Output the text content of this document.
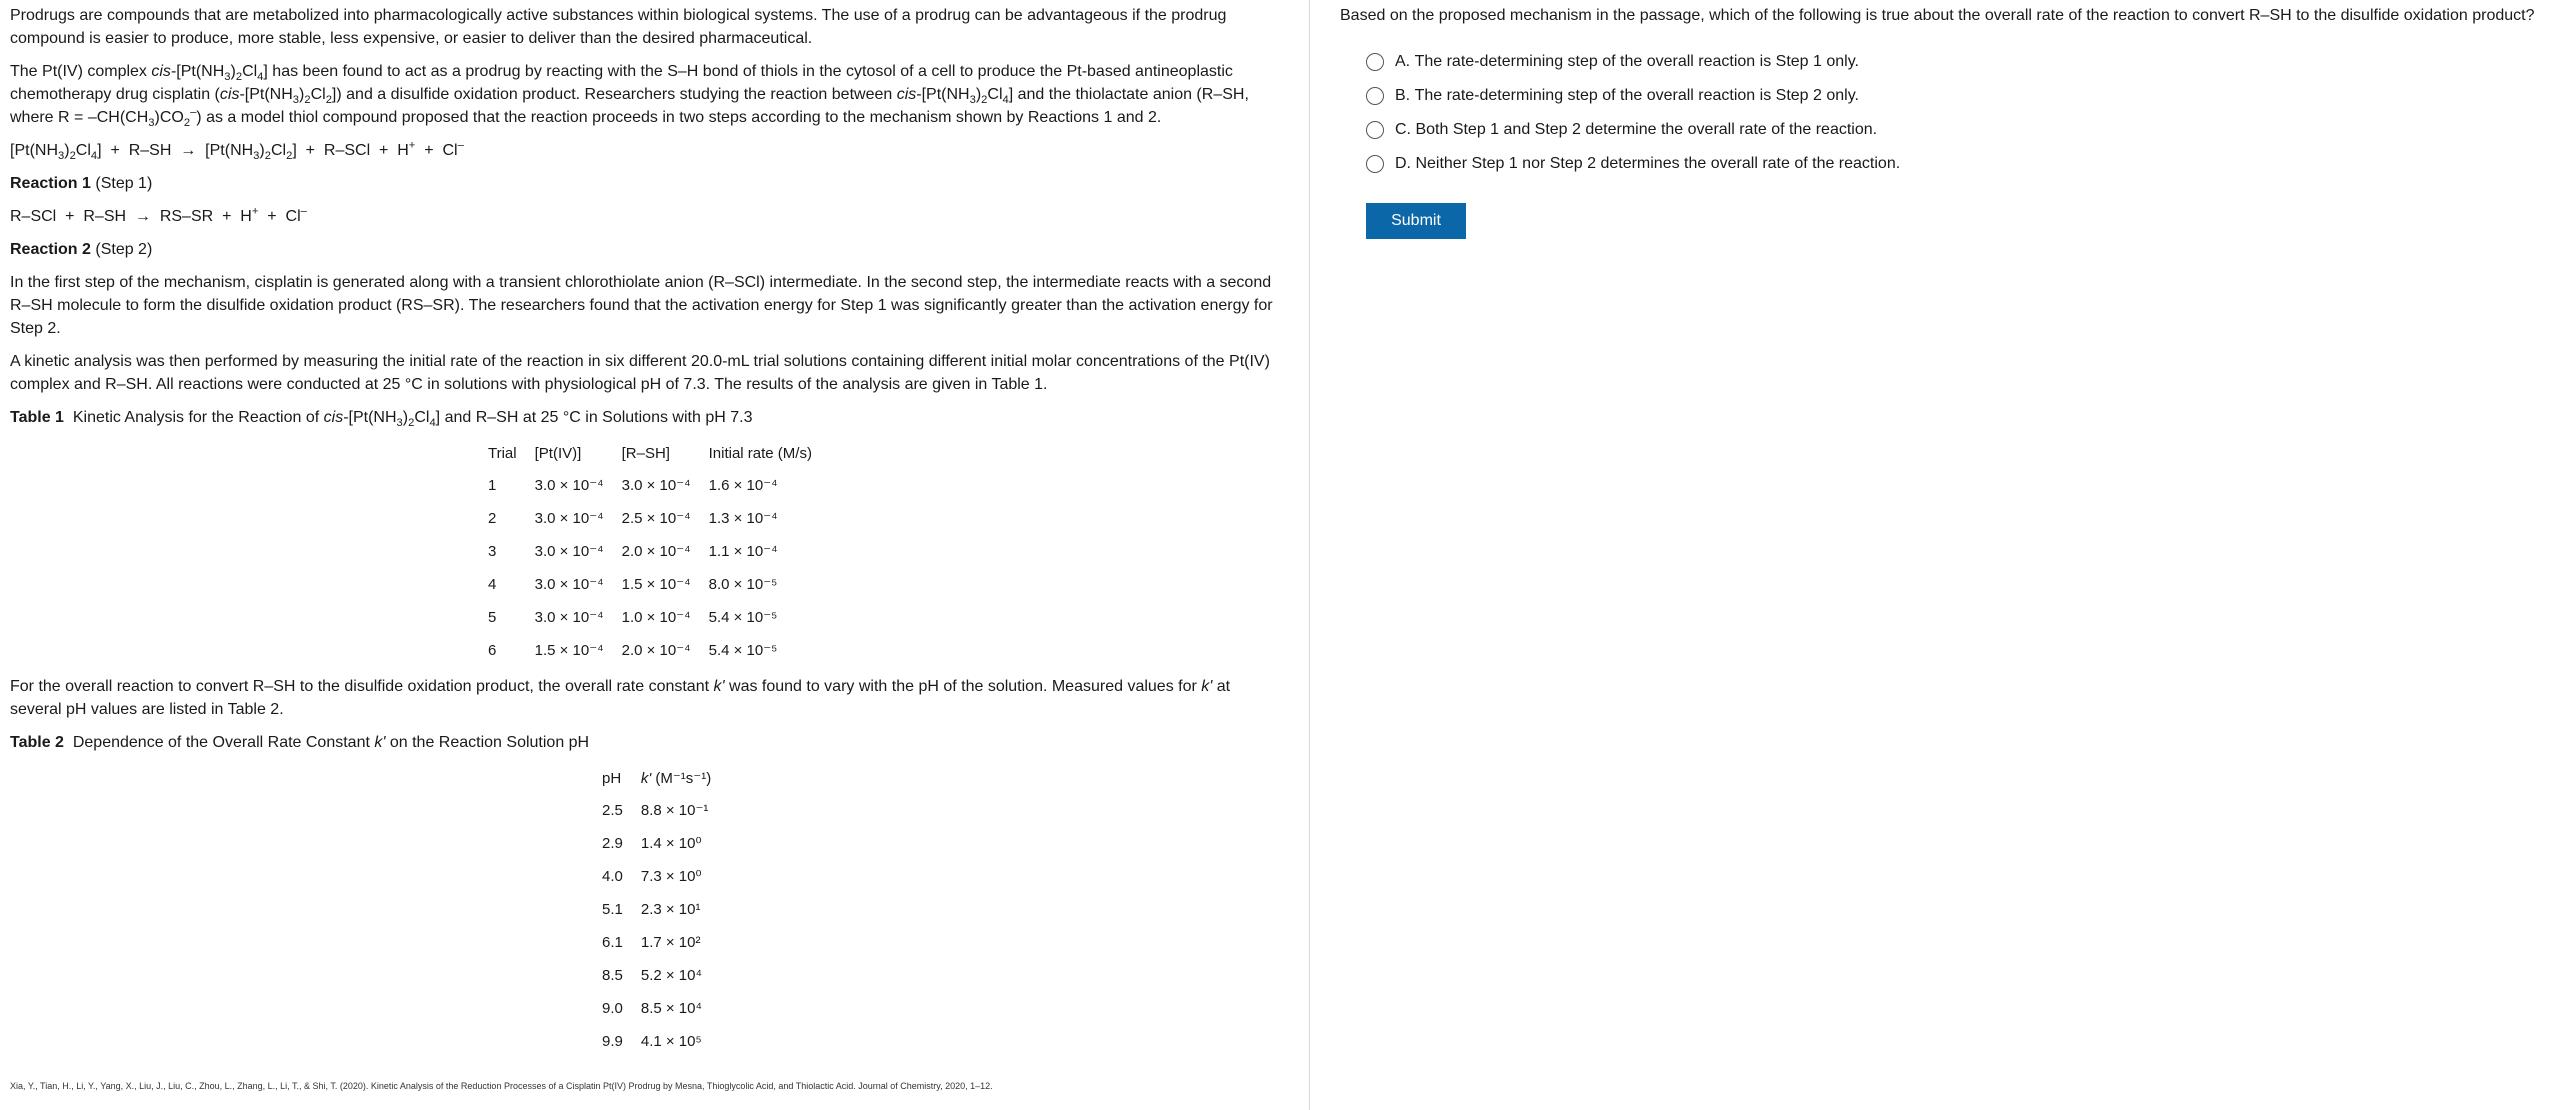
Prodrugs are compounds that are metabolized into pharmacologically active substances within biological systems. The use of a prodrug can be advantageous if the prodrug compound is easier to produce, more stable, less expensive, or easier to deliver than the desired pharmaceutical.

The Pt(IV) complex cis-$[Pt(NH_3)_2Cl_4]$ has been found to act as a prodrug by reacting with the S–H bond of thiols in the cytosol of a cell to produce the Pt-based antineoplastic chemotherapy drug cisplatin $(cis-[Pt(NH_3)_2Cl_2])$ and a disulfide oxidation product. Researchers studying the reaction between cis-$[Pt(NH_3)_2Cl_4]$ and the thiolactate anion (R–SH, where $R = -CH(CH_3)CO_2^-$) as a model thiol compound proposed that the reaction proceeds in two steps according to the mechanism shown by Reactions 1 and 2.

$[Pt(NH_3)_2Cl_4] + R-SH \to [Pt(NH_3)_2Cl_2] + R-SCl + H^+ + Cl^-$
Reaction 1 (Step 1)
R–SCl  +  R–SH  →  RS–SR  +  H+  +  Cl–
Reaction 2 (Step 2)

In the first step of the mechanism, cisplatin is generated along with a transient chlorothiolate anion (R–SCl) intermediate. In the second step, the intermediate reacts with a second R–SH molecule to form the disulfide oxidation product (RS–SR). The researchers found that the activation energy for Step 1 was significantly greater than the activation energy for Step 2.

A kinetic analysis was then performed by measuring the initial rate of the reaction in six different 20.0-mL trial solutions containing different initial molar concentrations of the Pt(IV) complex and R–SH. All reactions were conducted at 25 °C in solutions with physiological pH of 7.3. The results of the analysis are given in Table 1.

Table 1  Kinetic Analysis for the Reaction of cis-$[Pt(NH_3)_2Cl_4]$ and R–SH at 25 °C in Solutions with pH 7.3
Trial	[Pt(IV)]	[R–SH]	Initial rate (M/s)
1	3.0 × 10⁻⁴	3.0 × 10⁻⁴	1.6 × 10⁻⁴
2	3.0 × 10⁻⁴	2.5 × 10⁻⁴	1.3 × 10⁻⁴
3	3.0 × 10⁻⁴	2.0 × 10⁻⁴	1.1 × 10⁻⁴
4	3.0 × 10⁻⁴	1.5 × 10⁻⁴	8.0 × 10⁻⁵
5	3.0 × 10⁻⁴	1.0 × 10⁻⁴	5.4 × 10⁻⁵
6	1.5 × 10⁻⁴	2.0 × 10⁻⁴	5.4 × 10⁻⁵

For the overall reaction to convert R–SH to the disulfide oxidation product, the overall rate constant k' was found to vary with the pH of the solution. Measured values for k' at several pH values are listed in Table 2.

Table 2  Dependence of the Overall Rate Constant k' on the Reaction Solution pH
pH	k' (M⁻¹s⁻¹)
2.5	8.8 × 10⁻¹
2.9	1.4 × 10⁰
4.0	7.3 × 10⁰
5.1	2.3 × 10¹
6.1	1.7 × 10²
8.5	5.2 × 10⁴
9.0	8.5 × 10⁴
9.9	4.1 × 10⁵
Xia, Y., Tian, H., Li, Y., Yang, X., Liu, J., Liu, C., Zhou, L., Zhang, L., Li, T., & Shi, T. (2020). Kinetic Analysis of the Reduction Processes of a Cisplatin Pt(IV) Prodrug by Mesna, Thioglycolic Acid, and Thiolactic Acid. Journal of Chemistry, 2020, 1–12.

Based on the proposed mechanism in the passage, which of the following is true about the overall rate of the reaction to convert R–SH to the disulfide oxidation product?

A.
The rate-determining step of the overall reaction is Step 1 only.
B.
The rate-determining step of the overall reaction is Step 2 only.
C.
Both Step 1 and Step 2 determine the overall rate of the reaction.
D.
Neither Step 1 nor Step 2 determines the overall rate of the reaction.
Submit
